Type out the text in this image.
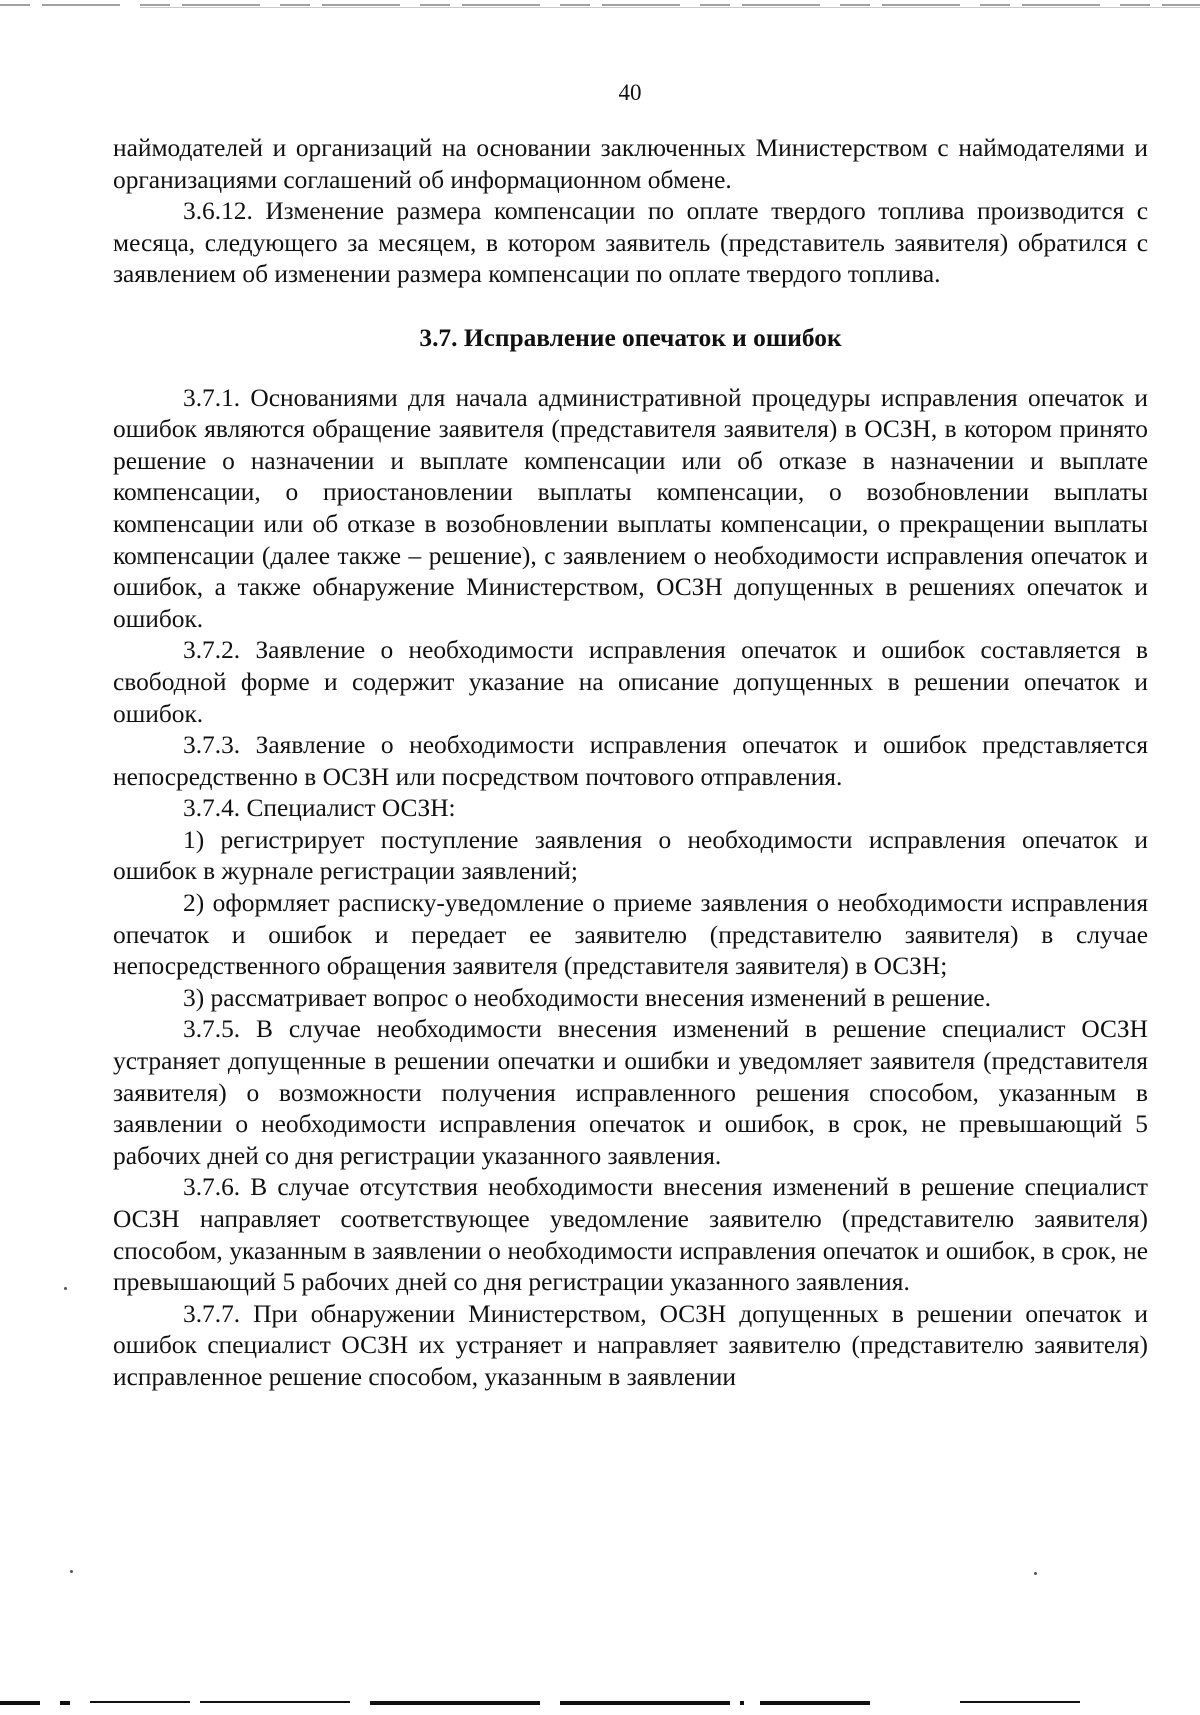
40

наймодателей и организаций на основании заключенных Министерством с наймодателями и организациями соглашений об информационном обмене.

3.6.12. Изменение размера компенсации по оплате твердого топлива производится с месяца, следующего за месяцем, в котором заявитель (представитель заявителя) обратился с заявлением об изменении размера компенсации по оплате твердого топлива.

3.7. Исправление опечаток и ошибок

3.7.1. Основаниями для начала административной процедуры исправления опечаток и ошибок являются обращение заявителя (представителя заявителя) в ОСЗН, в котором принято решение о назначении и выплате компенсации или об отказе в назначении и выплате компенсации, о приостановлении выплаты компенсации, о возобновлении выплаты компенсации или об отказе в возобновлении выплаты компенсации, о прекращении выплаты компенсации (далее также – решение), с заявлением о необходимости исправления опечаток и ошибок, а также обнаружение Министерством, ОСЗН допущенных в решениях опечаток и ошибок.

3.7.2. Заявление о необходимости исправления опечаток и ошибок составляется в свободной форме и содержит указание на описание допущенных в решении опечаток и ошибок.

3.7.3. Заявление о необходимости исправления опечаток и ошибок представляется непосредственно в ОСЗН или посредством почтового отправления.

3.7.4. Специалист ОСЗН:

1) регистрирует поступление заявления о необходимости исправления опечаток и ошибок в журнале регистрации заявлений;

2) оформляет расписку-уведомление о приеме заявления о необходимости исправления опечаток и ошибок и передает ее заявителю (представителю заявителя) в случае непосредственного обращения заявителя (представителя заявителя) в ОСЗН;

3) рассматривает вопрос о необходимости внесения изменений в решение.

3.7.5. В случае необходимости внесения изменений в решение специалист ОСЗН устраняет допущенные в решении опечатки и ошибки и уведомляет заявителя (представителя заявителя) о возможности получения исправленного решения способом, указанным в заявлении о необходимости исправления опечаток и ошибок, в срок, не превышающий 5 рабочих дней со дня регистрации указанного заявления.

3.7.6. В случае отсутствия необходимости внесения изменений в решение специалист ОСЗН направляет соответствующее уведомление заявителю (представителю заявителя) способом, указанным в заявлении о необходимости исправления опечаток и ошибок, в срок, не превышающий 5 рабочих дней со дня регистрации указанного заявления.

3.7.7. При обнаружении Министерством, ОСЗН допущенных в решении опечаток и ошибок специалист ОСЗН их устраняет и направляет заявителю (представителю заявителя) исправленное решение способом, указанным в заявлении
